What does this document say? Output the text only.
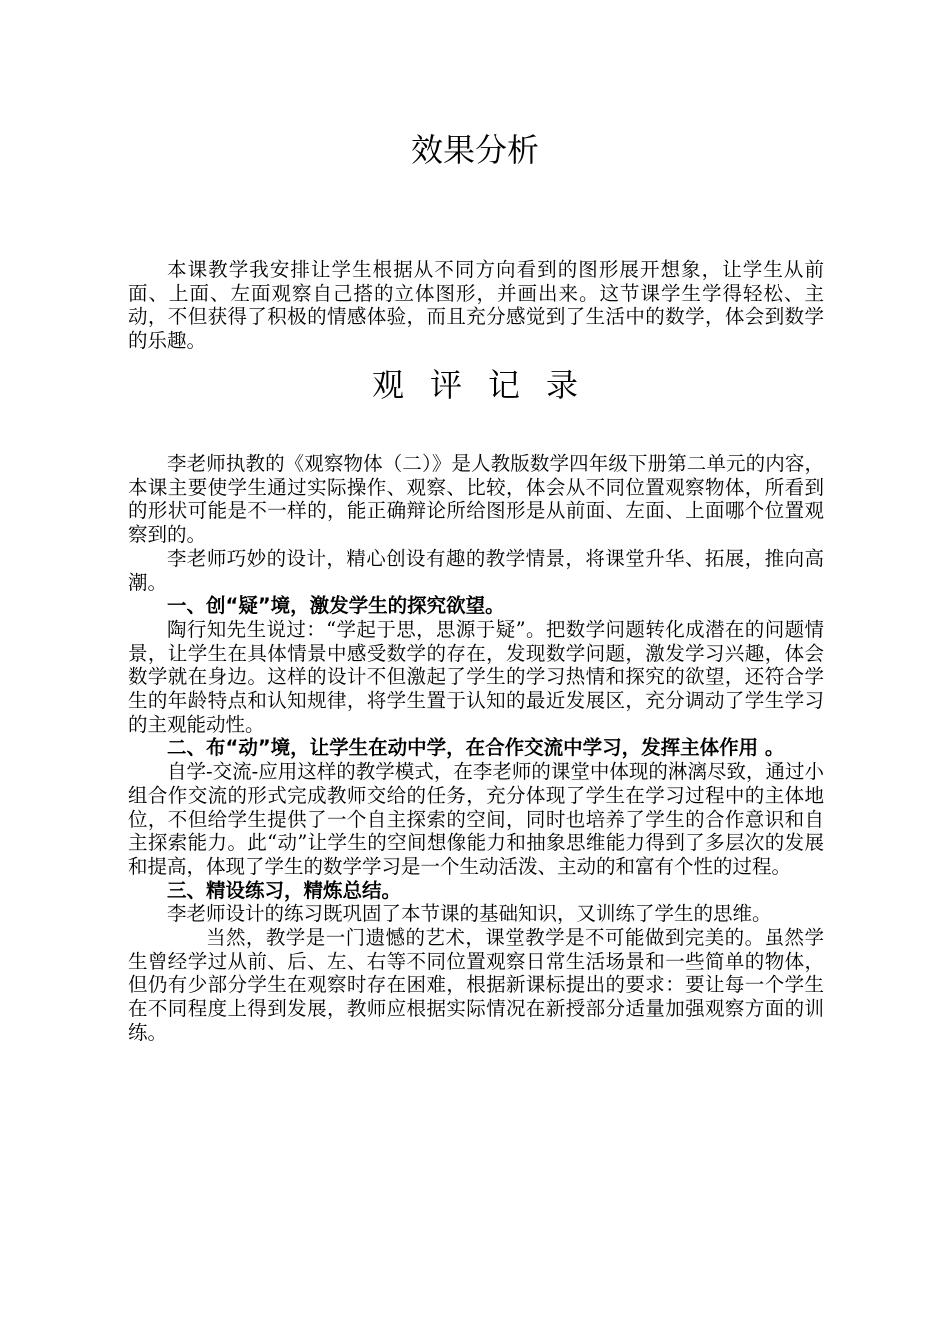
效果分析

本课教学我安排让学生根据从不同方向看到的图形展开想象，让学生从前面、上面、左面观察自己搭的立体图形，并画出来。这节课学生学得轻松、主动，不但获得了积极的情感体验，而且充分感觉到了生活中的数学，体会到数学的乐趣。

观评记录

李老师执教的《观察物体（二）》是人教版数学四年级下册第二单元的内容，本课主要使学生通过实际操作、观察、比较，体会从不同位置观察物体，所看到的形状可能是不一样的，能正确辩论所给图形是从前面、左面、上面哪个位置观察到的。

李老师巧妙的设计，精心创设有趣的教学情景，将课堂升华、拓展，推向高潮。

一、创“疑”境，激发学生的探究欲望。

陶行知先生说过：“学起于思，思源于疑”。把数学问题转化成潜在的问题情景，让学生在具体情景中感受数学的存在，发现数学问题，激发学习兴趣，体会数学就在身边。这样的设计不但激起了学生的学习热情和探究的欲望，还符合学生的年龄特点和认知规律，将学生置于认知的最近发展区，充分调动了学生学习的主观能动性。

二、布“动”境，让学生在动中学，在合作交流中学习，发挥主体作用 。

自学-交流-应用这样的教学模式，在李老师的课堂中体现的淋漓尽致，通过小组合作交流的形式完成教师交给的任务，充分体现了学生在学习过程中的主体地位，不但给学生提供了一个自主探索的空间，同时也培养了学生的合作意识和自主探索能力。此“动”让学生的空间想像能力和抽象思维能力得到了多层次的发展和提高，体现了学生的数学学习是一个生动活泼、主动的和富有个性的过程。

三、精设练习，精炼总结。

李老师设计的练习既巩固了本节课的基础知识，又训练了学生的思维。

当然，教学是一门遗憾的艺术，课堂教学是不可能做到完美的。虽然学生曾经学过从前、后、左、右等不同位置观察日常生活场景和一些简单的物体，但仍有少部分学生在观察时存在困难，根据新课标提出的要求：要让每一个学生在不同程度上得到发展，教师应根据实际情况在新授部分适量加强观察方面的训练。
